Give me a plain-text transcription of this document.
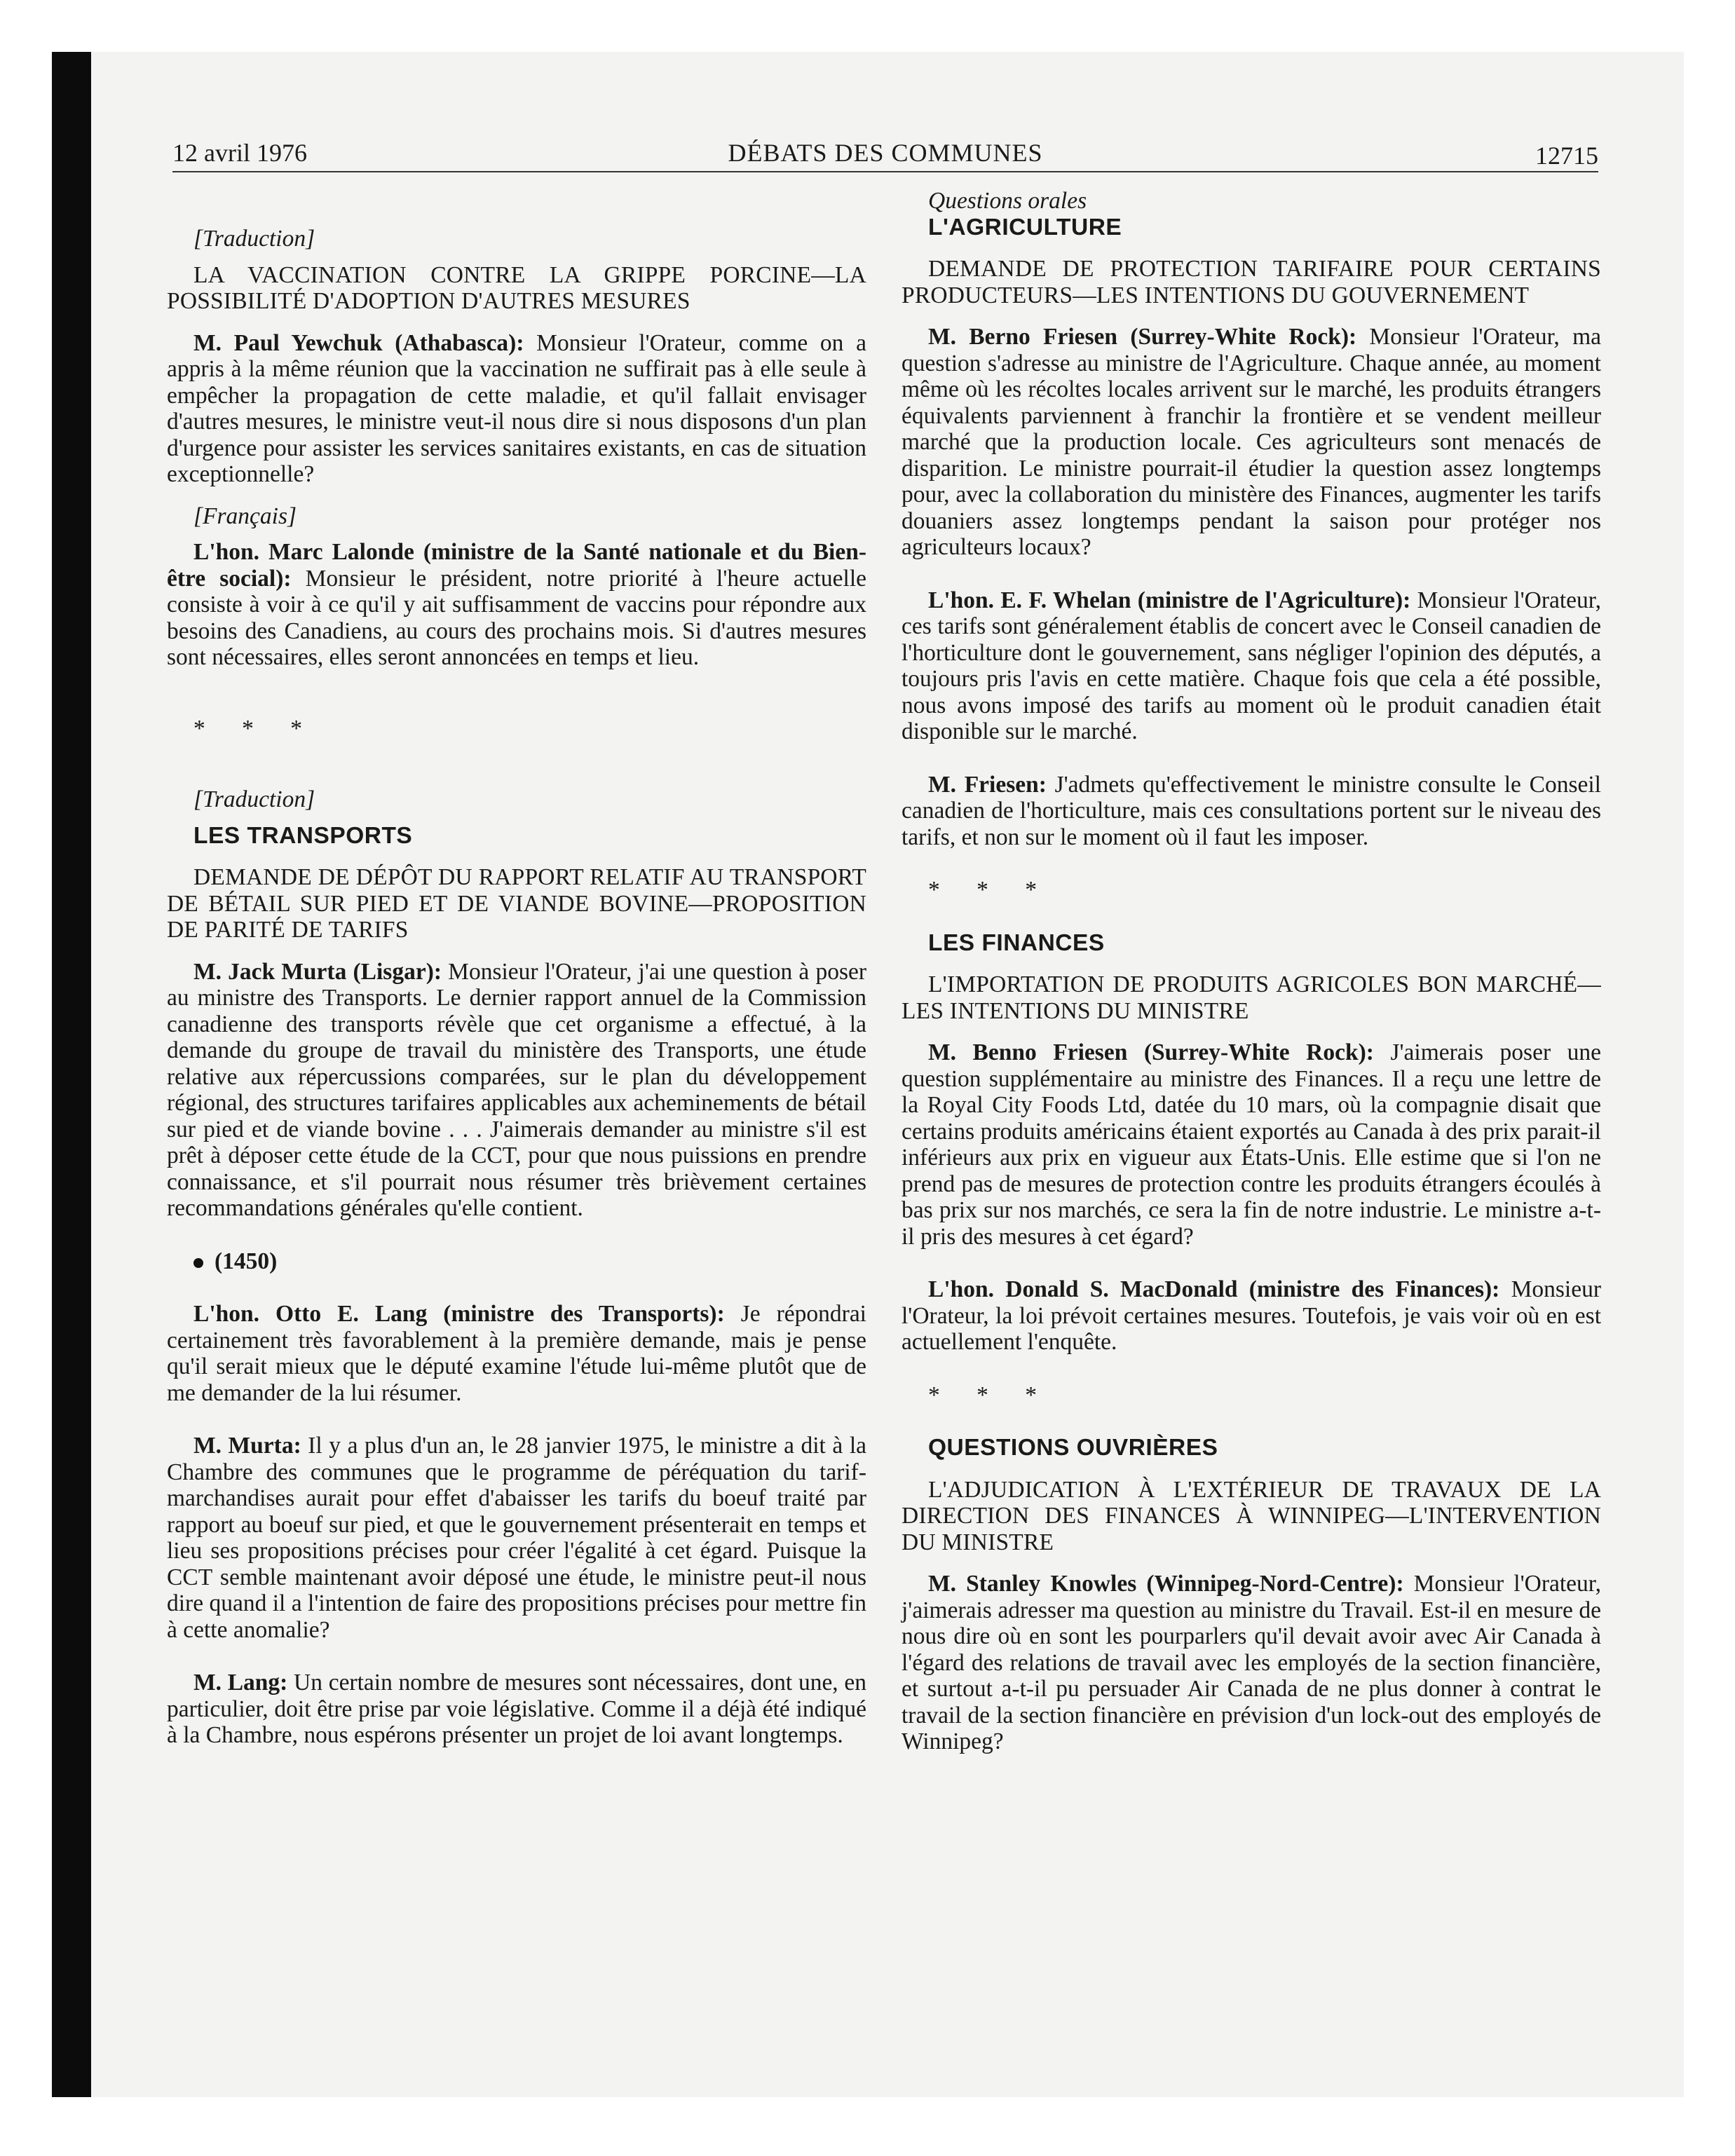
12 avril 1976	DÉBATS DES COMMUNES	12715

[Traduction]

LA VACCINATION CONTRE LA GRIPPE PORCINE—LA POSSIBILITÉ D'ADOPTION D'AUTRES MESURES

M. Paul Yewchuk (Athabasca): Monsieur l'Orateur, comme on a appris à la même réunion que la vaccination ne suffirait pas à elle seule à empêcher la propagation de cette maladie, et qu'il fallait envisager d'autres mesures, le ministre veut-il nous dire si nous disposons d'un plan d'urgence pour assister les services sanitaires existants, en cas de situation exceptionnelle?

[Français]

L'hon. Marc Lalonde (ministre de la Santé nationale et du Bien-être social): Monsieur le président, notre priorité à l'heure actuelle consiste à voir à ce qu'il y ait suffisamment de vaccins pour répondre aux besoins des Canadiens, au cours des prochains mois. Si d'autres mesures sont nécessaires, elles seront annoncées en temps et lieu.

* * *

[Traduction]

LES TRANSPORTS

DEMANDE DE DÉPÔT DU RAPPORT RELATIF AU TRANSPORT DE BÉTAIL SUR PIED ET DE VIANDE BOVINE—PROPOSITION DE PARITÉ DE TARIFS

M. Jack Murta (Lisgar): Monsieur l'Orateur, j'ai une question à poser au ministre des Transports. Le dernier rapport annuel de la Commission canadienne des transports révèle que cet organisme a effectué, à la demande du groupe de travail du ministère des Transports, une étude relative aux répercussions comparées, sur le plan du développement régional, des structures tarifaires applicables aux acheminements de bétail sur pied et de viande bovine . . . J'aimerais demander au ministre s'il est prêt à déposer cette étude de la CCT, pour que nous puissions en prendre connaissance, et s'il pourrait nous résumer très brièvement certaines recommandations générales qu'elle contient.

(1450)

L'hon. Otto E. Lang (ministre des Transports): Je répondrai certainement très favorablement à la première demande, mais je pense qu'il serait mieux que le député examine l'étude lui-même plutôt que de me demander de la lui résumer.

M. Murta: Il y a plus d'un an, le 28 janvier 1975, le ministre a dit à la Chambre des communes que le programme de péréquation du tarif-marchandises aurait pour effet d'abaisser les tarifs du boeuf traité par rapport au boeuf sur pied, et que le gouvernement présenterait en temps et lieu ses propositions précises pour créer l'égalité à cet égard. Puisque la CCT semble maintenant avoir déposé une étude, le ministre peut-il nous dire quand il a l'intention de faire des propositions précises pour mettre fin à cette anomalie?

M. Lang: Un certain nombre de mesures sont nécessaires, dont une, en particulier, doit être prise par voie législative. Comme il a déjà été indiqué à la Chambre, nous espérons présenter un projet de loi avant longtemps.

Questions orales

L'AGRICULTURE

DEMANDE DE PROTECTION TARIFAIRE POUR CERTAINS PRODUCTEURS—LES INTENTIONS DU GOUVERNEMENT

M. Berno Friesen (Surrey-White Rock): Monsieur l'Orateur, ma question s'adresse au ministre de l'Agriculture. Chaque année, au moment même où les récoltes locales arrivent sur le marché, les produits étrangers équivalents parviennent à franchir la frontière et se vendent meilleur marché que la production locale. Ces agriculteurs sont menacés de disparition. Le ministre pourrait-il étudier la question assez longtemps pour, avec la collaboration du ministère des Finances, augmenter les tarifs douaniers assez longtemps pendant la saison pour protéger nos agriculteurs locaux?

L'hon. E. F. Whelan (ministre de l'Agriculture): Monsieur l'Orateur, ces tarifs sont généralement établis de concert avec le Conseil canadien de l'horticulture dont le gouvernement, sans négliger l'opinion des députés, a toujours pris l'avis en cette matière. Chaque fois que cela a été possible, nous avons imposé des tarifs au moment où le produit canadien était disponible sur le marché.

M. Friesen: J'admets qu'effectivement le ministre consulte le Conseil canadien de l'horticulture, mais ces consultations portent sur le niveau des tarifs, et non sur le moment où il faut les imposer.

* * *

LES FINANCES

L'IMPORTATION DE PRODUITS AGRICOLES BON MARCHÉ—LES INTENTIONS DU MINISTRE

M. Benno Friesen (Surrey-White Rock): J'aimerais poser une question supplémentaire au ministre des Finances. Il a reçu une lettre de la Royal City Foods Ltd, datée du 10 mars, où la compagnie disait que certains produits américains étaient exportés au Canada à des prix parait-il inférieurs aux prix en vigueur aux États-Unis. Elle estime que si l'on ne prend pas de mesures de protection contre les produits étrangers écoulés à bas prix sur nos marchés, ce sera la fin de notre industrie. Le ministre a-t-il pris des mesures à cet égard?

L'hon. Donald S. MacDonald (ministre des Finances): Monsieur l'Orateur, la loi prévoit certaines mesures. Toutefois, je vais voir où en est actuellement l'enquête.

* * *

QUESTIONS OUVRIÈRES

L'ADJUDICATION À L'EXTÉRIEUR DE TRAVAUX DE LA DIRECTION DES FINANCES À WINNIPEG—L'INTERVENTION DU MINISTRE

M. Stanley Knowles (Winnipeg-Nord-Centre): Monsieur l'Orateur, j'aimerais adresser ma question au ministre du Travail. Est-il en mesure de nous dire où en sont les pourparlers qu'il devait avoir avec Air Canada à l'égard des relations de travail avec les employés de la section financière, et surtout a-t-il pu persuader Air Canada de ne plus donner à contrat le travail de la section financière en prévision d'un lock-out des employés de Winnipeg?
